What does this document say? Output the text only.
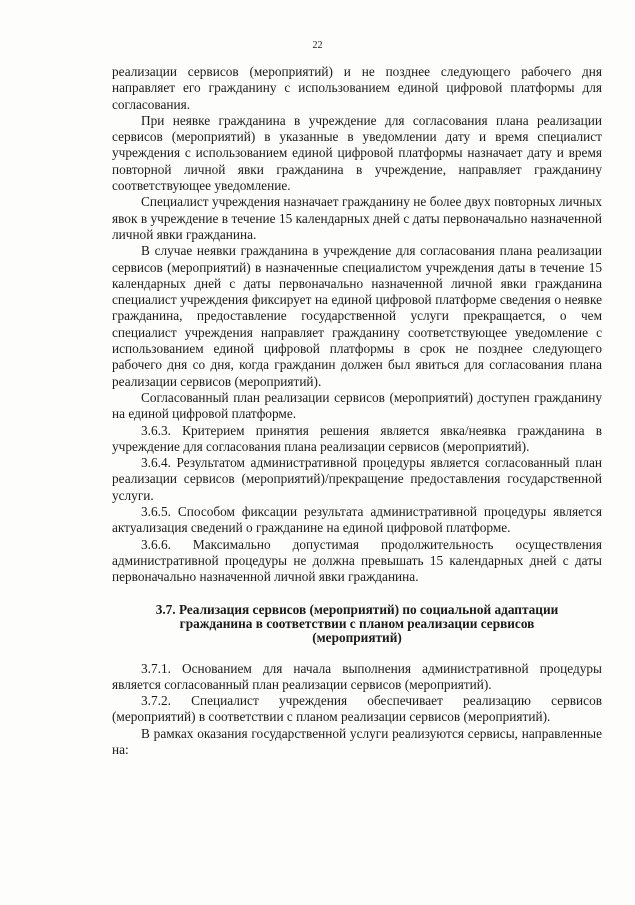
22

реализации сервисов (мероприятий) и не позднее следующего рабочего дня направляет его гражданину с использованием единой цифровой платформы для согласования.

При неявке гражданина в учреждение для согласования плана реализации сервисов (мероприятий) в указанные в уведомлении дату и время специалист учреждения с использованием единой цифровой платформы назначает дату и время повторной личной явки гражданина в учреждение, направляет гражданину соответствующее уведомление.

Специалист учреждения назначает гражданину не более двух повторных личных явок в учреждение в течение 15 календарных дней с даты первоначально назначенной личной явки гражданина.

В случае неявки гражданина в учреждение для согласования плана реализации сервисов (мероприятий) в назначенные специалистом учреждения даты в течение 15 календарных дней с даты первоначально назначенной личной явки гражданина специалист учреждения фиксирует на единой цифровой платформе сведения о неявке гражданина, предоставление государственной услуги прекращается, о чем специалист учреждения направляет гражданину соответствующее уведомление с использованием единой цифровой платформы в срок не позднее следующего рабочего дня со дня, когда гражданин должен был явиться для согласования плана реализации сервисов (мероприятий).

Согласованный план реализации сервисов (мероприятий) доступен гражданину на единой цифровой платформе.

3.6.3. Критерием принятия решения является явка/неявка гражданина в учреждение для согласования плана реализации сервисов (мероприятий).

3.6.4. Результатом административной процедуры является согласованный план реализации сервисов (мероприятий)/прекращение предоставления государственной услуги.

3.6.5. Способом фиксации результата административной процедуры является актуализация сведений о гражданине на единой цифровой платформе.

3.6.6. Максимально допустимая продолжительность осуществления административной процедуры не должна превышать 15 календарных дней с даты первоначально назначенной личной явки гражданина.

3.7. Реализация сервисов (мероприятий) по социальной адаптации
гражданина в соответствии с планом реализации сервисов
(мероприятий)

3.7.1. Основанием для начала выполнения административной процедуры является согласованный план реализации сервисов (мероприятий).

3.7.2. Специалист учреждения обеспечивает реализацию сервисов (мероприятий) в соответствии с планом реализации сервисов (мероприятий).

В рамках оказания государственной услуги реализуются сервисы, направленные на:
